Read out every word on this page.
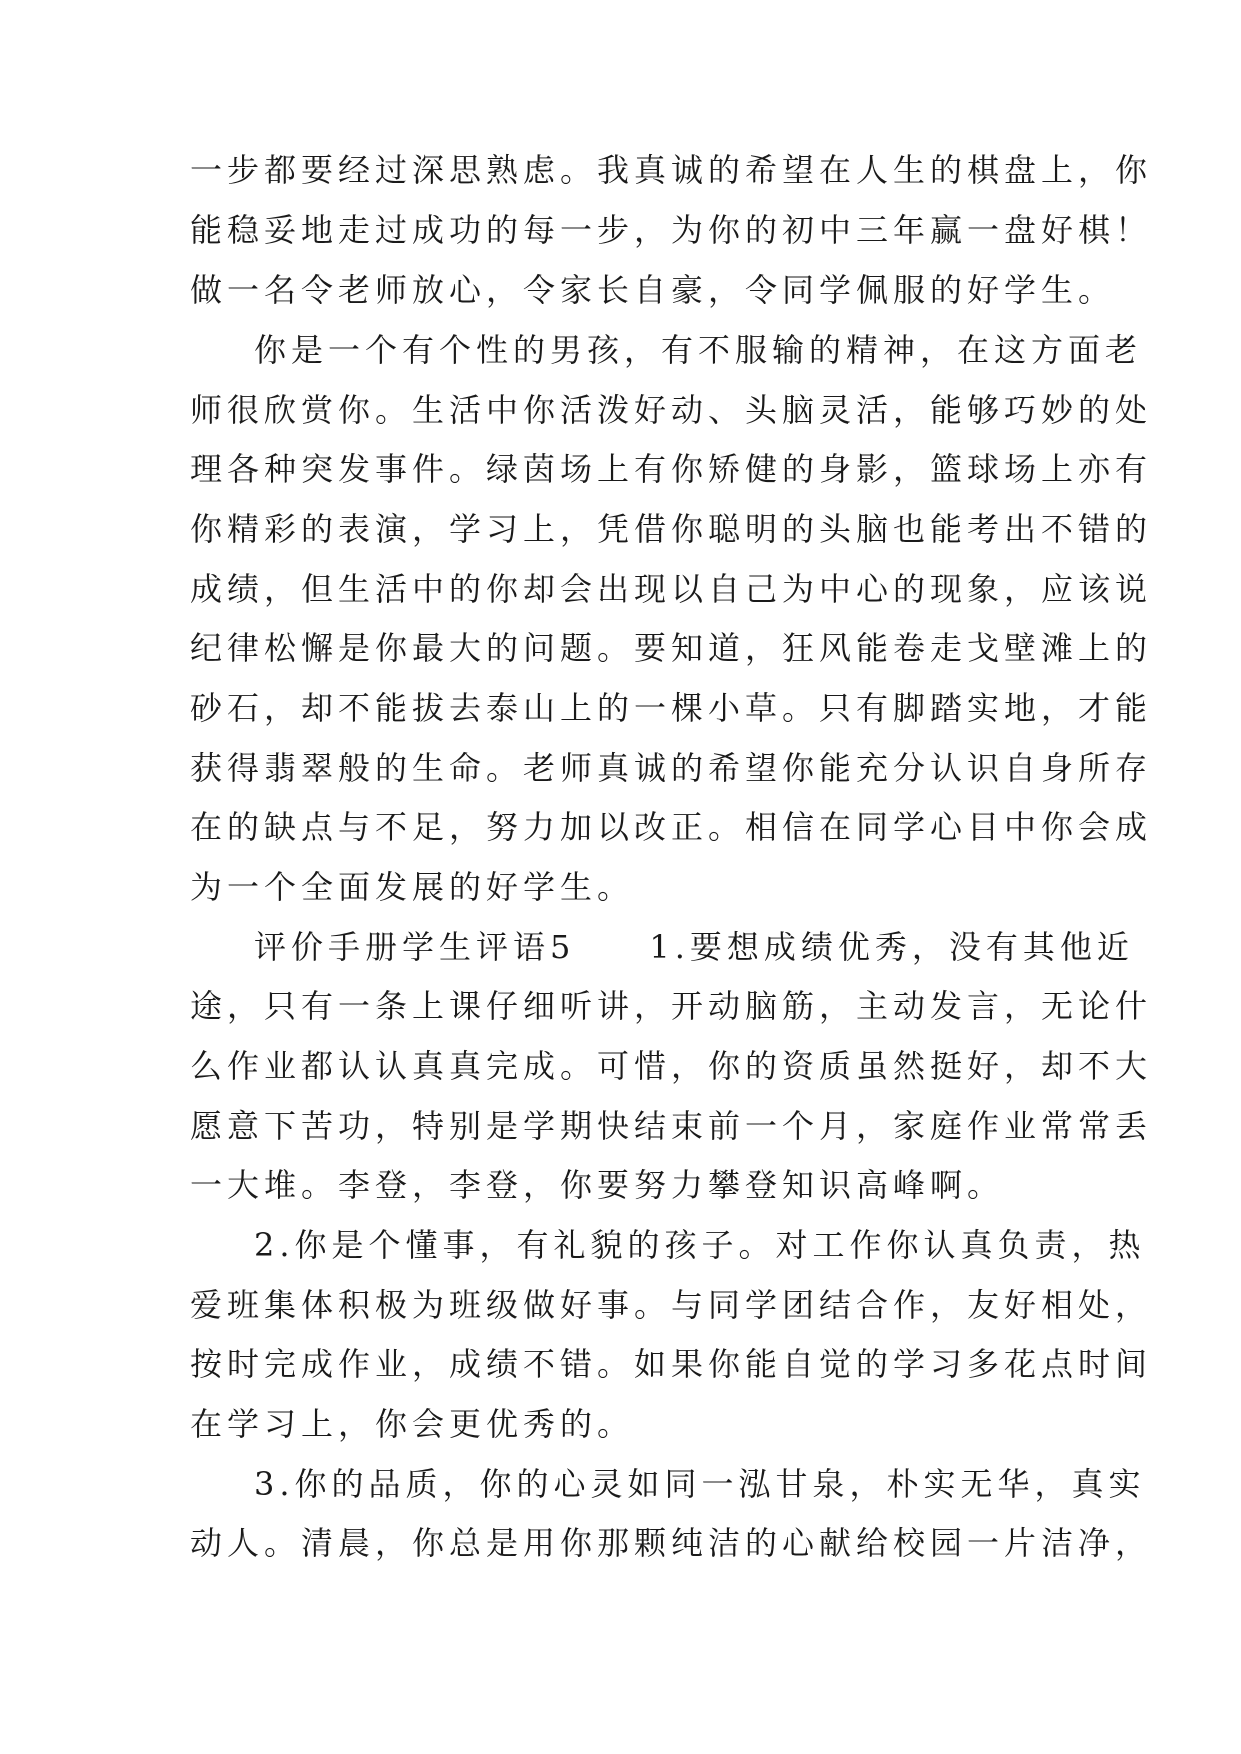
一步都要经过深思熟虑。我真诚的希望在人生的棋盘上，你
能稳妥地走过成功的每一步，为你的初中三年赢一盘好棋！
做一名令老师放心，令家长自豪，令同学佩服的好学生。
你是一个有个性的男孩，有不服输的精神，在这方面老
师很欣赏你。生活中你活泼好动、头脑灵活，能够巧妙的处
理各种突发事件。绿茵场上有你矫健的身影，篮球场上亦有
你精彩的表演，学习上，凭借你聪明的头脑也能考出不错的
成绩，但生活中的你却会出现以自己为中心的现象，应该说
纪律松懈是你最大的问题。要知道，狂风能卷走戈壁滩上的
砂石，却不能拔去泰山上的一棵小草。只有脚踏实地，才能
获得翡翠般的生命。老师真诚的希望你能充分认识自身所存
在的缺点与不足，努力加以改正。相信在同学心目中你会成
为一个全面发展的好学生。
评价手册学生评语5　　1.要想成绩优秀，没有其他近
途，只有一条上课仔细听讲，开动脑筋，主动发言，无论什
么作业都认认真真完成。可惜，你的资质虽然挺好，却不大
愿意下苦功，特别是学期快结束前一个月，家庭作业常常丢
一大堆。李登，李登，你要努力攀登知识高峰啊。
2.你是个懂事，有礼貌的孩子。对工作你认真负责，热
爱班集体积极为班级做好事。与同学团结合作，友好相处，
按时完成作业，成绩不错。如果你能自觉的学习多花点时间
在学习上，你会更优秀的。
3.你的品质，你的心灵如同一泓甘泉，朴实无华，真实
动人。清晨，你总是用你那颗纯洁的心献给校园一片洁净，
